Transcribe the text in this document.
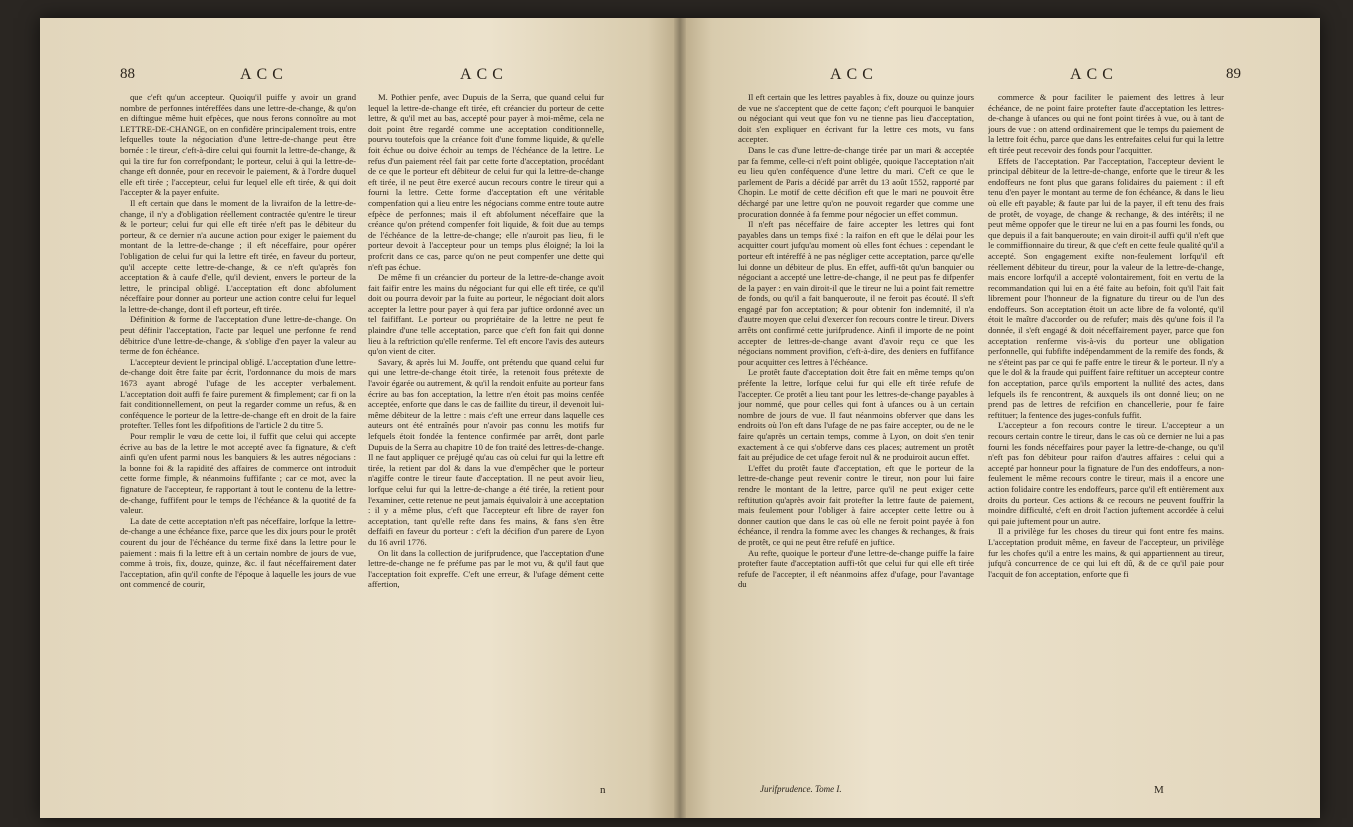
88	ACC	ACC

que c'eft qu'un accepteur. Quoiqu'il puiffe y avoir un grand nombre de perfonnes intéreffées dans une lettre-de-change, & qu'on en diftingue même huit efpèces, que nous ferons connoître au mot LETTRE-DE-CHANGE, on en confidère principalement trois, entre lefquelles toute la négociation d'une lettre-de-change peut être bornée : le tireur, c'eft-à-dire celui qui fournit la lettre-de-change, & qui la tire fur fon correfpondant; le porteur, celui à qui la lettre-de-change eft donnée, pour en recevoir le paiement, & à l'ordre duquel elle eft tirée ; l'accepteur, celui fur lequel elle eft tirée, & qui doit l'accepter & la payer enfuite.

Il eft certain que dans le moment de la livraifon de la lettre-de-change, il n'y a d'obligation réellement contractée qu'entre le tireur & le porteur; celui fur qui elle eft tirée n'eft pas le débiteur du porteur, & ce dernier n'a aucune action pour exiger le paiement du montant de la lettre-de-change ; il eft néceffaire, pour opérer l'obligation de celui fur qui la lettre eft tirée, en faveur du porteur, qu'il accepte cette lettre-de-change, & ce n'eft qu'après fon acceptation & à caufe d'elle, qu'il devient, envers le porteur de la lettre, le principal obligé. L'acceptation eft donc abfolument néceffaire pour donner au porteur une action contre celui fur lequel la lettre-de-change, dont il eft porteur, eft tirée.

Définition & forme de l'acceptation d'une lettre-de-change. On peut définir l'acceptation, l'acte par lequel une perfonne fe rend débitrice d'une lettre-de-change, & s'oblige d'en payer la valeur au terme de fon échéance.

L'accepteur devient le principal obligé. L'acceptation d'une lettre-de-change doit être faite par écrit, l'ordonnance du mois de mars 1673 ayant abrogé l'ufage de les accepter verbalement. L'acceptation doit auffi fe faire purement & fimplement; car fi on la fait conditionnellement, on peut la regarder comme un refus, & en conféquence le porteur de la lettre-de-change eft en droit de la faire protefter. Telles font les difpofitions de l'article 2 du titre 5.

Pour remplir le vœu de cette loi, il fuffit que celui qui accepte écrive au bas de la lettre le mot accepté avec fa fignature, & c'eft ainfi qu'en ufent parmi nous les banquiers & les autres négocians : la bonne foi & la rapidité des affaires de commerce ont introduit cette forme fimple, & néanmoins fuffifante ; car ce mot, avec la fignature de l'accepteur, fe rapportant à tout le contenu de la lettre-de-change, fuffifent pour le temps de l'échéance & la quotité de fa valeur.

La date de cette acceptation n'eft pas néceffaire, lorfque la lettre-de-change a une échéance fixe, parce que les dix jours pour le protêt courent du jour de l'échéance du terme fixé dans la lettre pour le paiement : mais fi la lettre eft à un certain nombre de jours de vue, comme à trois, fix, douze, quinze, &c. il faut néceffairement dater l'acceptation, afin qu'il confte de l'époque à laquelle les jours de vue ont commencé de courir,

M. Pothier penfe, avec Dupuis de la Serra, que quand celui fur lequel la lettre-de-change eft tirée, eft créancier du porteur de cette lettre, & qu'il met au bas, accepté pour payer à moi-même, cela ne doit point être regardé comme une acceptation conditionnelle, pourvu toutefois que la créance foit d'une fomme liquide, & qu'elle foit échue ou doive échoir au temps de l'échéance de la lettre. Le refus d'un paiement réel fait par cette forte d'acceptation, procédant de ce que le porteur eft débiteur de celui fur qui la lettre-de-change eft tirée, il ne peut être exercé aucun recours contre le tireur qui a fourni la lettre. Cette forme d'acceptation eft une véritable compenfation qui a lieu entre les négocians comme entre toute autre efpèce de perfonnes; mais il eft abfolument néceffaire que la créance qu'on prétend compenfer foit liquide, & foit due au temps de l'échéance de la lettre-de-change; elle n'auroit pas lieu, fi le porteur devoit à l'accepteur pour un temps plus éloigné; la loi la profcrit dans ce cas, parce qu'on ne peut compenfer une dette qui n'eft pas échue.

De même fi un créancier du porteur de la lettre-de-change avoit fait faifir entre les mains du négociant fur qui elle eft tirée, ce qu'il doit ou pourra devoir par la fuite au porteur, le négociant doit alors accepter la lettre pour payer à qui fera par juftice ordonné avec un tel faififfant. Le porteur ou propriétaire de la lettre ne peut fe plaindre d'une telle acceptation, parce que c'eft fon fait qui donne lieu à la reftriction qu'elle renferme. Tel eft encore l'avis des auteurs qu'on vient de citer.

Savary, & après lui M. Jouffe, ont prétendu que quand celui fur qui une lettre-de-change étoit tirée, la retenoit fous prétexte de l'avoir égarée ou autrement, & qu'il la rendoit enfuite au porteur fans écrire au bas fon acceptation, la lettre n'en étoit pas moins cenfée acceptée, enforte que dans le cas de faillite du tireur, il devenoit lui-même débiteur de la lettre : mais c'eft une erreur dans laquelle ces auteurs ont été entraînés pour n'avoir pas connu les motifs fur lefquels étoit fondée la fentence confirmée par arrêt, dont parle Dupuis de la Serra au chapitre 10 de fon traité des lettres-de-change. Il ne faut appliquer ce préjugé qu'au cas où celui fur qui la lettre eft tirée, la retient par dol & dans la vue d'empêcher que le porteur n'agiffe contre le tireur faute d'acceptation. Il ne peut avoir lieu, lorfque celui fur qui la lettre-de-change a été tirée, la retient pour l'examiner, cette retenue ne peut jamais équivaloir à une acceptation : il y a même plus, c'eft que l'accepteur eft libre de rayer fon acceptation, tant qu'elle refte dans fes mains, & fans s'en être deffaifi en faveur du porteur : c'eft la décifion d'un parere de Lyon du 16 avril 1776.

On lit dans la collection de jurifprudence, que l'acceptation d'une lettre-de-change ne fe préfume pas par le mot vu, & qu'il faut que l'acceptation foit expreffe. C'eft une erreur, & l'ufage dément cette affertion,

n
ACC	ACC	89

Il eft certain que les lettres payables à fix, douze ou quinze jours de vue ne s'acceptent que de cette façon; c'eft pourquoi le banquier ou négociant qui veut que fon vu ne tienne pas lieu d'acceptation, doit s'en expliquer en écrivant fur la lettre ces mots, vu fans accepter.

Dans le cas d'une lettre-de-change tirée par un mari & acceptée par fa femme, celle-ci n'eft point obligée, quoique l'acceptation n'ait eu lieu qu'en conféquence d'une lettre du mari. C'eft ce que le parlement de Paris a décidé par arrêt du 13 août 1552, rapporté par Chopin. Le motif de cette décifion eft que le mari ne pouvoit être déchargé par une lettre qu'on ne pouvoit regarder que comme une procuration donnée à fa femme pour négocier un effet commun.

Il n'eft pas néceffaire de faire accepter les lettres qui font payables dans un temps fixé : la raifon en eft que le délai pour les acquitter court jufqu'au moment où elles font échues : cependant le porteur eft intéreffé à ne pas négliger cette acceptation, parce qu'elle lui donne un débiteur de plus. En effet, auffi-tôt qu'un banquier ou négociant a accepté une lettre-de-change, il ne peut pas fe difpenfer de la payer : en vain diroit-il que le tireur ne lui a point fait remettre de fonds, ou qu'il a fait banqueroute, il ne feroit pas écouté. Il s'eft engagé par fon acceptation; & pour obtenir fon indemnité, il n'a d'autre moyen que celui d'exercer fon recours contre le tireur. Divers arrêts ont confirmé cette jurifprudence. Ainfi il importe de ne point accepter de lettres-de-change avant d'avoir reçu ce que les négocians nomment provifion, c'eft-à-dire, des deniers en fuffifance pour acquitter ces lettres à l'échéance.

Le protêt faute d'acceptation doit être fait en même temps qu'on préfente la lettre, lorfque celui fur qui elle eft tirée refufe de l'accepter. Ce protêt a lieu tant pour les lettres-de-change payables à jour nommé, que pour celles qui font à ufances ou à un certain nombre de jours de vue. Il faut néanmoins obferver que dans les endroits où l'on eft dans l'ufage de ne pas faire accepter, ou de ne le faire qu'après un certain temps, comme à Lyon, on doit s'en tenir exactement à ce qui s'obferve dans ces places; autrement un protêt fait au préjudice de cet ufage feroit nul & ne produiroit aucun effet.

L'effet du protêt faute d'acceptation, eft que le porteur de la lettre-de-change peut revenir contre le tireur, non pour lui faire rendre le montant de la lettre, parce qu'il ne peut exiger cette reftitution qu'après avoir fait protefter la lettre faute de paiement, mais feulement pour l'obliger à faire accepter cette lettre ou à donner caution que dans le cas où elle ne feroit point payée à fon échéance, il rendra la fomme avec les changes & rechanges, & frais de protêt, ce qui ne peut être refufé en juftice.

Au refte, quoique le porteur d'une lettre-de-change puiffe la faire protefter faute d'acceptation auffi-tôt que celui fur qui elle eft tirée refufe de l'accepter, il eft néanmoins affez d'ufage, pour l'avantage du

commerce & pour faciliter le paiement des lettres à leur échéance, de ne point faire protefter faute d'acceptation les lettres-de-change à ufances ou qui ne font point tirées à vue, ou à tant de jours de vue : on attend ordinairement que le temps du paiement de la lettre foit échu, parce que dans les entrefaites celui fur qui la lettre eft tirée peut recevoir des fonds pour l'acquitter.

Effets de l'acceptation. Par l'acceptation, l'accepteur devient le principal débiteur de la lettre-de-change, enforte que le tireur & les endoffeurs ne font plus que garans folidaires du paiement : il eft tenu d'en payer le montant au terme de fon échéance, & dans le lieu où elle eft payable; & faute par lui de la payer, il eft tenu des frais de protêt, de voyage, de change & rechange, & des intérêts; il ne peut même oppofer que le tireur ne lui en a pas fourni les fonds, ou que depuis il a fait banqueroute; en vain diroit-il auffi qu'il n'eft que le commiffionnaire du tireur, & que c'eft en cette feule qualité qu'il a accepté. Son engagement exifte non-feulement lorfqu'il eft réellement débiteur du tireur, pour la valeur de la lettre-de-change, mais encore lorfqu'il a accepté volontairement, foit en vertu de la recommandation qui lui en a été faite au befoin, foit qu'il l'ait fait librement pour l'honneur de la fignature du tireur ou de l'un des endoffeurs. Son acceptation étoit un acte libre de fa volonté, qu'il étoit le maître d'accorder ou de refufer; mais dès qu'une fois il l'a donnée, il s'eft engagé & doit néceffairement payer, parce que fon acceptation renferme vis-à-vis du porteur une obligation perfonnelle, qui fubfifte indépendamment de la remife des fonds, & ne s'éteint pas par ce qui fe paffe entre le tireur & le porteur. Il n'y a que le dol & la fraude qui puiffent faire reftituer un accepteur contre fon acceptation, parce qu'ils emportent la nullité des actes, dans lefquels ils fe rencontrent, & auxquels ils ont donné lieu; on ne prend pas de lettres de refcifion en chancellerie, pour fe faire reftituer; la fentence des juges-confuls fuffit.

L'accepteur a fon recours contre le tireur. L'accepteur a un recours certain contre le tireur, dans le cas où ce dernier ne lui a pas fourni les fonds néceffaires pour payer la lettre-de-change, ou qu'il n'eft pas fon débiteur pour raifon d'autres affaires : celui qui a accepté par honneur pour la fignature de l'un des endoffeurs, a non-feulement le même recours contre le tireur, mais il a encore une action folidaire contre les endoffeurs, parce qu'il eft entièrement aux droits du porteur. Ces actions & ce recours ne peuvent fouffrir la moindre difficulté, c'eft en droit l'action juftement accordée à celui qui paie juftement pour un autre.

Il a privilège fur les choses du tireur qui font entre fes mains. L'acceptation produit même, en faveur de l'accepteur, un privilège fur les chofes qu'il a entre les mains, & qui appartiennent au tireur, jufqu'à concurrence de ce qui lui eft dû, & de ce qu'il paie pour l'acquit de fon acceptation, enforte que fi

Jurifprudence. Tome I.	M
